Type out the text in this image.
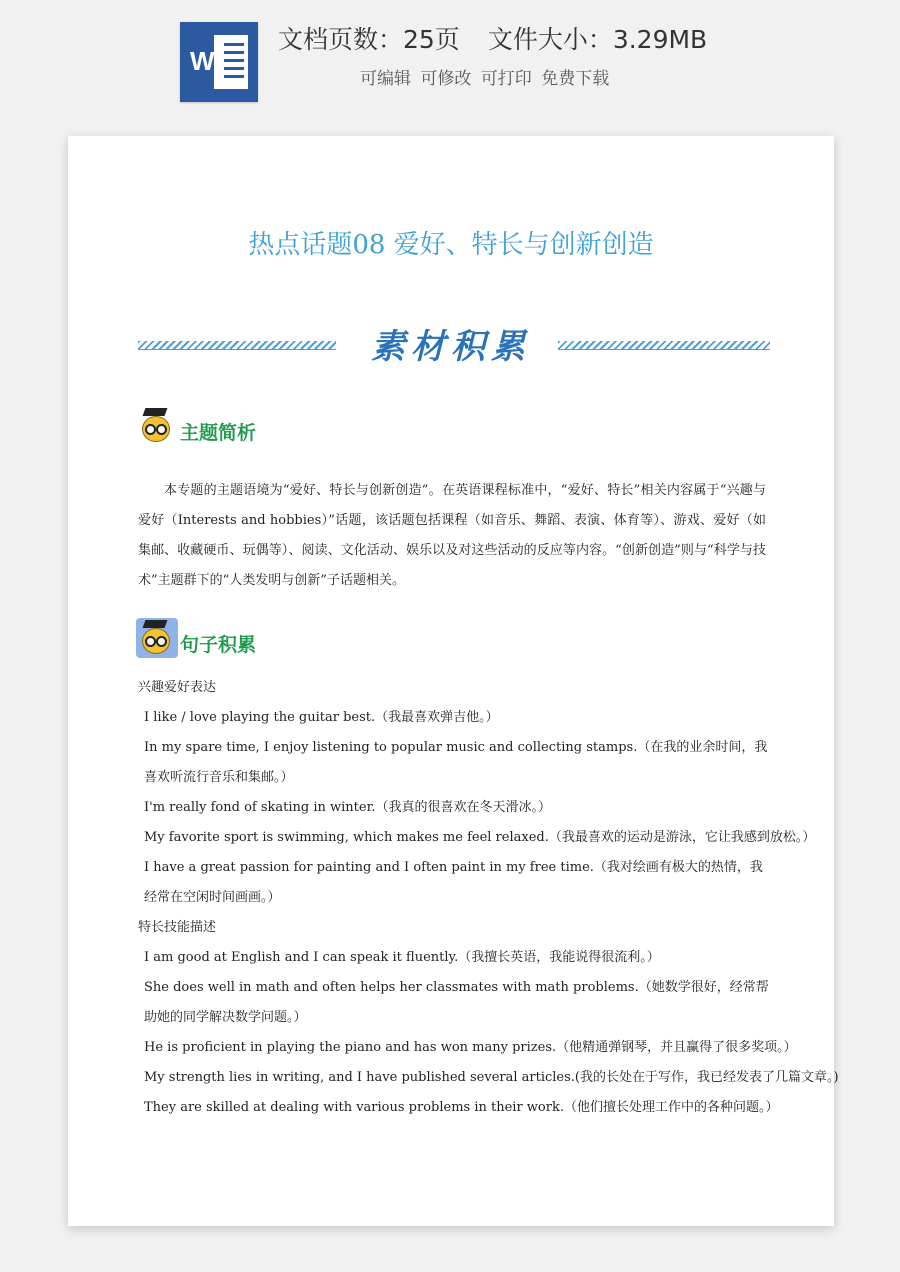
W
文档页数：25页 文件大小：3.29MB
可编辑 可修改 可打印 免费下载
热点话题08 爱好、特长与创新创造
素材积累
主题简析
本专题的主题语境为“爱好、特长与创新创造”。在英语课程标准中，“爱好、特长”相关内容属于“兴趣与爱好（Interests and hobbies）”话题，该话题包括课程（如音乐、舞蹈、表演、体育等）、游戏、爱好（如集邮、收藏硬币、玩偶等）、阅读、文化活动、娱乐以及对这些活动的反应等内容。“创新创造”则与“科学与技术”主题群下的“人类发明与创新”子话题相关。
句子积累
兴趣爱好表达
I like / love playing the guitar best.（我最喜欢弹吉他。）
In my spare time, I enjoy listening to popular music and collecting stamps.（在我的业余时间，我喜欢听流行音乐和集邮。）
I'm really fond of skating in winter.（我真的很喜欢在冬天滑冰。）
My favorite sport is swimming, which makes me feel relaxed.（我最喜欢的运动是游泳，它让我感到放松。）
I have a great passion for painting and I often paint in my free time.（我对绘画有极大的热情，我经常在空闲时间画画。）
特长技能描述
I am good at English and I can speak it fluently.（我擅长英语，我能说得很流利。）
She does well in math and often helps her classmates with math problems.（她数学很好，经常帮助她的同学解决数学问题。）
He is proficient in playing the piano and has won many prizes.（他精通弹钢琴，并且赢得了很多奖项。）
My strength lies in writing, and I have published several articles.(我的长处在于写作，我已经发表了几篇文章。)
They are skilled at dealing with various problems in their work.（他们擅长处理工作中的各种问题。）
